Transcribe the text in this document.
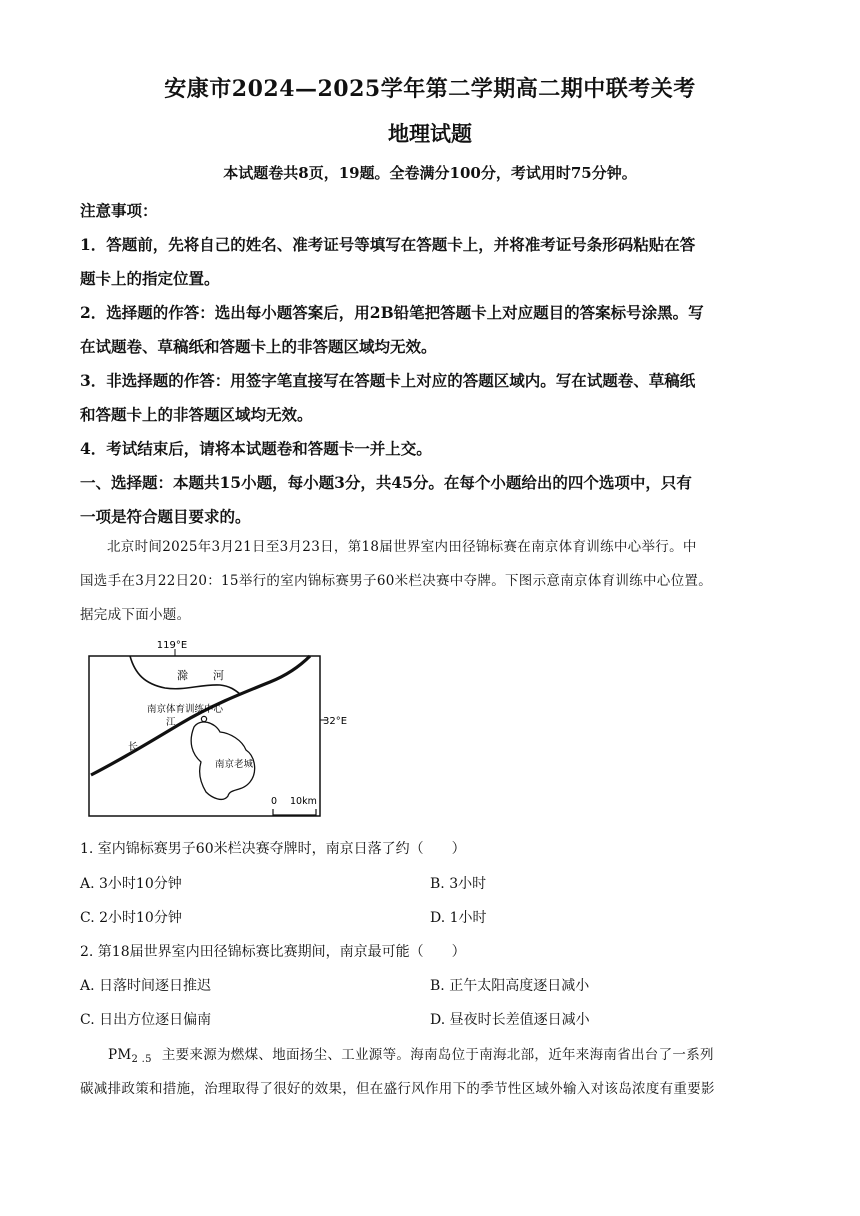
安康市2024—2025学年第二学期高二期中联考关考
地理试题
本试题卷共8页，19题。全卷满分100分，考试用时75分钟。
注意事项：
1．答题前，先将自己的姓名、准考证号等填写在答题卡上，并将准考证号条形码粘贴在答
题卡上的指定位置。
2．选择题的作答：选出每小题答案后，用2B铅笔把答题卡上对应题目的答案标号涂黑。写
在试题卷、草稿纸和答题卡上的非答题区域均无效。
3．非选择题的作答：用签字笔直接写在答题卡上对应的答题区域内。写在试题卷、草稿纸
和答题卡上的非答题区域均无效。
4．考试结束后，请将本试题卷和答题卡一并上交。
一、选择题：本题共15小题，每小题3分，共45分。在每个小题给出的四个选项中，只有
一项是符合题目要求的。
北京时间2025年3月21日至3月23日，第18届世界室内田径锦标赛在南京体育训练中心举行。中
国选手在3月22日20：15举行的室内锦标赛男子60米栏决赛中夺牌。下图示意南京体育训练中心位置。
据完成下面小题。
119°E
32°E
滁 河
南京体育训练中心
江
长
南京老城
0 10km
1. 室内锦标赛男子60米栏决赛夺牌时，南京日落了约（　　）
A. 3小时10分钟	B. 3小时
C. 2小时10分钟	D. 1小时
2. 第18届世界室内田径锦标赛比赛期间，南京最可能（　　）
A. 日落时间逐日推迟	B. 正午太阳高度逐日减小
C. 日出方位逐日偏南	D. 昼夜时长差值逐日减小
$PM_{2 .5}$ 主要来源为燃煤、地面扬尘、工业源等。海南岛位于南海北部，近年来海南省出台了一系列
碳减排政策和措施，治理取得了很好的效果，但在盛行风作用下的季节性区域外输入对该岛浓度有重要影
